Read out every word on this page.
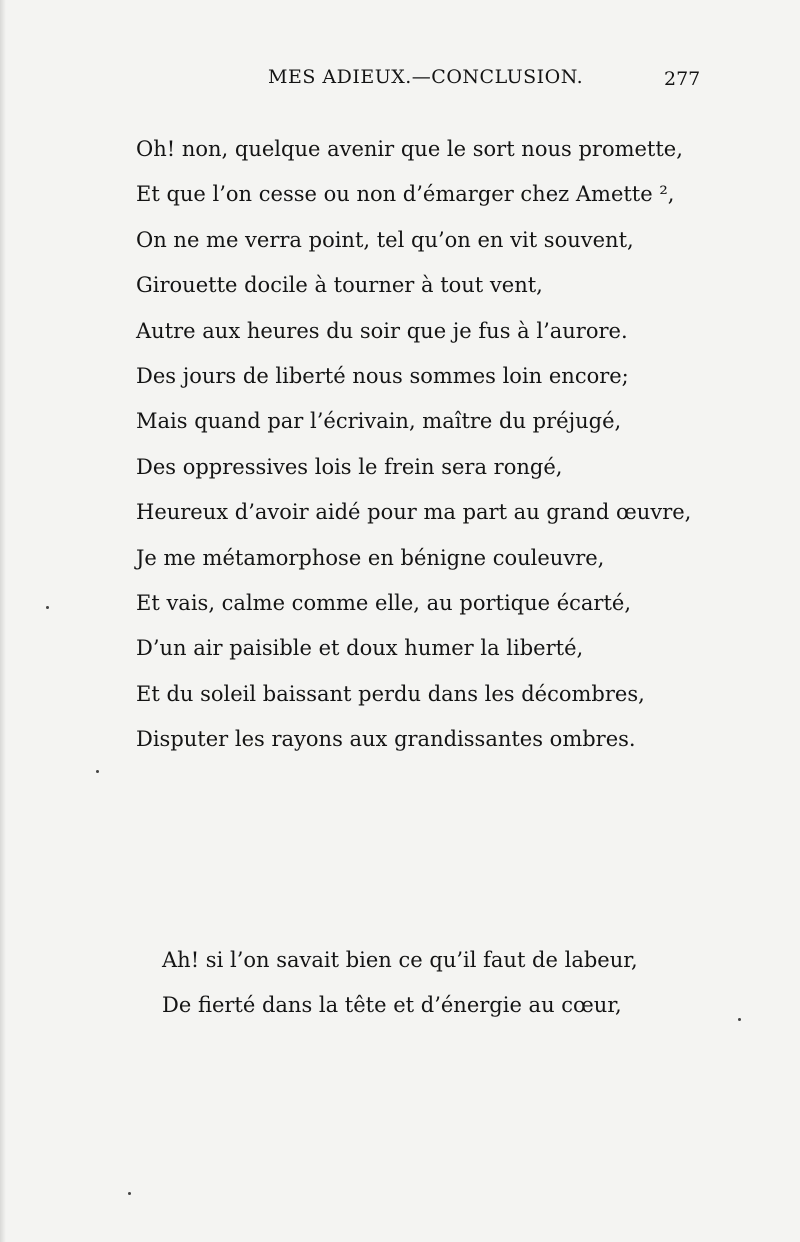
MES ADIEUX.—CONCLUSION.	277
Oh! non, quelque avenir que le sort nous promette,
Et que l’on cesse ou non d’émarger chez Amette ²,
On ne me verra point, tel qu’on en vit souvent,
Girouette docile à tourner à tout vent,
Autre aux heures du soir que je fus à l’aurore.
Des jours de liberté nous sommes loin encore;
Mais quand par l’écrivain, maître du préjugé,
Des oppressives lois le frein sera rongé,
Heureux d’avoir aidé pour ma part au grand œuvre,
Je me métamorphose en bénigne couleuvre,
Et vais, calme comme elle, au portique écarté,
D’un air paisible et doux humer la liberté,
Et du soleil baissant perdu dans les décombres,
Disputer les rayons aux grandissantes ombres.
Ah! si l’on savait bien ce qu’il faut de labeur,
De fierté dans la tête et d’énergie au cœur,
